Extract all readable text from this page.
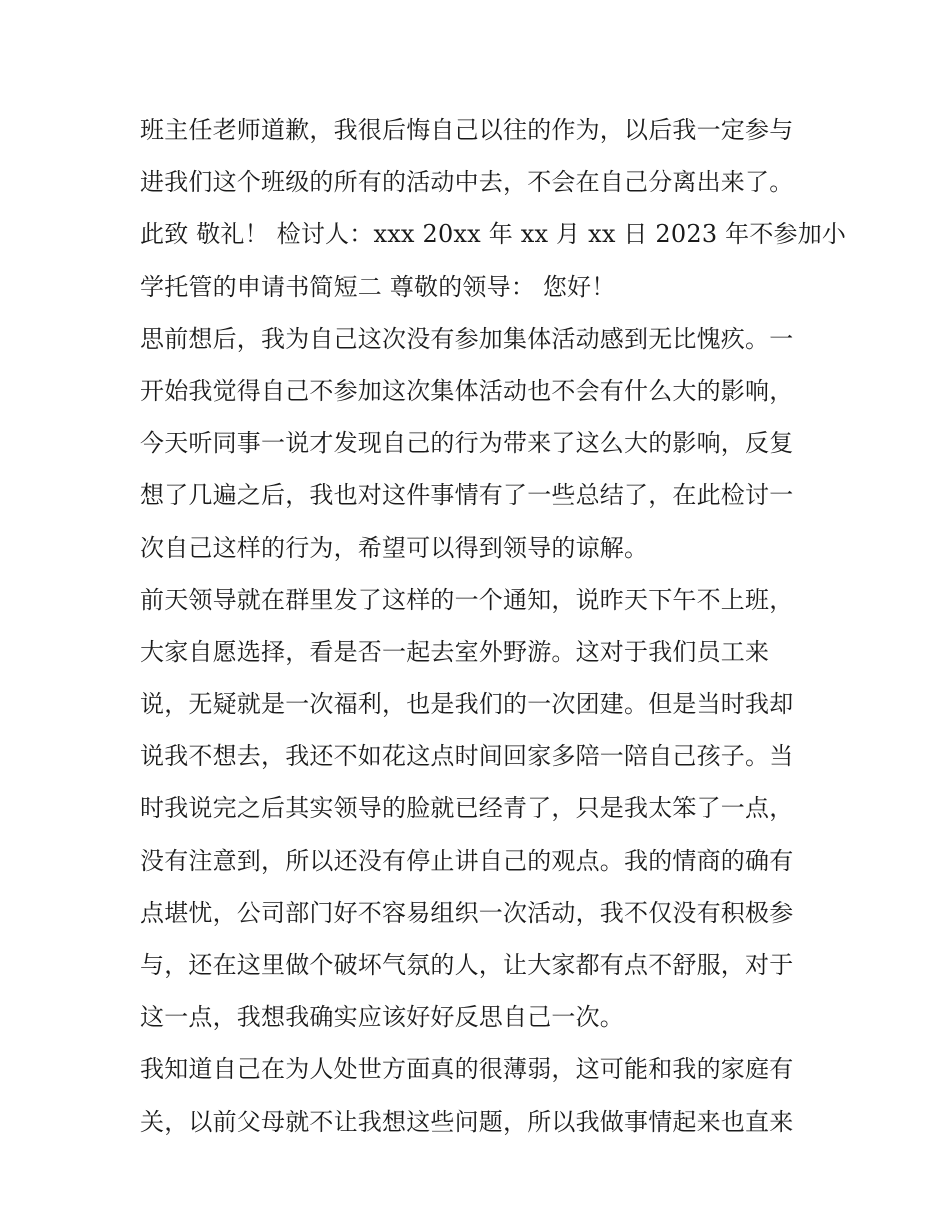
班主任老师道歉，我很后悔自己以往的作为，以后我一定参与
进我们这个班级的所有的活动中去，不会在自己分离出来了。
此致 敬礼！ 检讨人：xxx 20xx 年 xx 月 xx 日 2023 年不参加小
学托管的申请书简短二 尊敬的领导： 您好！
思前想后，我为自己这次没有参加集体活动感到无比愧疚。一
开始我觉得自己不参加这次集体活动也不会有什么大的影响，
今天听同事一说才发现自己的行为带来了这么大的影响，反复
想了几遍之后，我也对这件事情有了一些总结了，在此检讨一
次自己这样的行为，希望可以得到领导的谅解。
前天领导就在群里发了这样的一个通知，说昨天下午不上班，
大家自愿选择，看是否一起去室外野游。这对于我们员工来
说，无疑就是一次福利，也是我们的一次团建。但是当时我却
说我不想去，我还不如花这点时间回家多陪一陪自己孩子。当
时我说完之后其实领导的脸就已经青了，只是我太笨了一点，
没有注意到，所以还没有停止讲自己的观点。我的情商的确有
点堪忧，公司部门好不容易组织一次活动，我不仅没有积极参
与，还在这里做个破坏气氛的人，让大家都有点不舒服，对于
这一点，我想我确实应该好好反思自己一次。
我知道自己在为人处世方面真的很薄弱，这可能和我的家庭有
关，以前父母就不让我想这些问题，所以我做事情起来也直来
